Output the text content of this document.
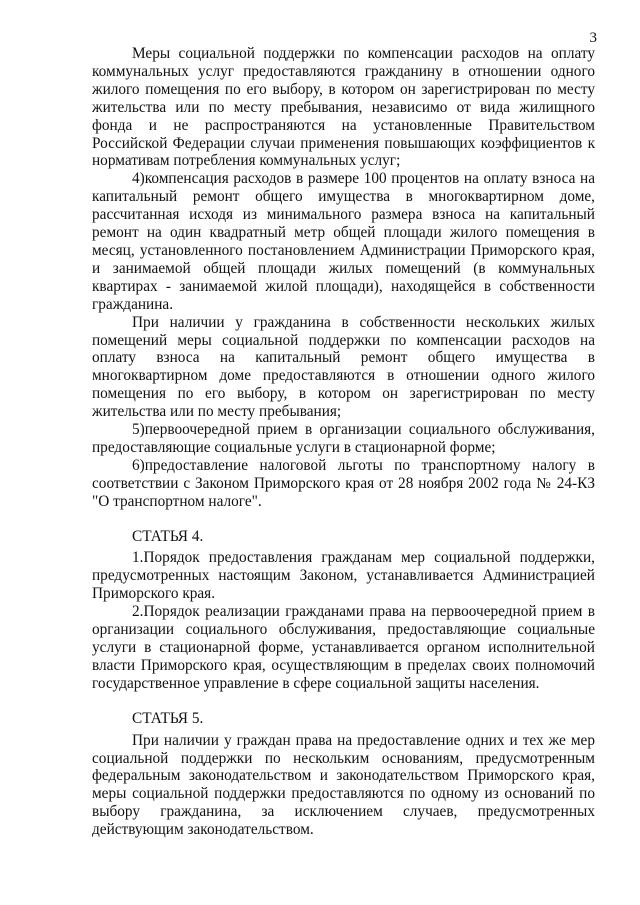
3

Меры социальной поддержки по компенсации расходов на оплату коммунальных услуг предоставляются гражданину в отношении одного жилого помещения по его выбору, в котором он зарегистрирован по месту жительства или по месту пребывания, независимо от вида жилищного фонда и не распространяются на установленные Правительством Российской Федерации случаи применения повышающих коэффициентов к нормативам потребления коммунальных услуг;

4)компенсация расходов в размере 100 процентов на оплату взноса на капитальный ремонт общего имущества в многоквартирном доме, рассчитанная исходя из минимального размера взноса на капитальный ремонт на один квадратный метр общей площади жилого помещения в месяц, установленного постановлением Администрации Приморского края, и занимаемой общей площади жилых помещений (в коммунальных квартирах - занимаемой жилой площади), находящейся в собственности гражданина.

При наличии у гражданина в собственности нескольких жилых помещений меры социальной поддержки по компенсации расходов на оплату взноса на капитальный ремонт общего имущества в многоквартирном доме предоставляются в отношении одного жилого помещения по его выбору, в котором он зарегистрирован по месту жительства или по месту пребывания;

5)первоочередной прием в организации социального обслуживания, предоставляющие социальные услуги в стационарной форме;

6)предоставление налоговой льготы по транспортному налогу в соответствии с Законом Приморского края от 28 ноября 2002 года № 24-КЗ "О транспортном налоге".

СТАТЬЯ 4.

1.Порядок предоставления гражданам мер социальной поддержки, предусмотренных настоящим Законом, устанавливается Администрацией Приморского края.

2.Порядок реализации гражданами права на первоочередной прием в организации социального обслуживания, предоставляющие социальные услуги в стационарной форме, устанавливается органом исполнительной власти Приморского края, осуществляющим в пределах своих полномочий государственное управление в сфере социальной защиты населения.

СТАТЬЯ 5.

При наличии у граждан права на предоставление одних и тех же мер социальной поддержки по нескольким основаниям, предусмотренным федеральным законодательством и законодательством Приморского края, меры социальной поддержки предоставляются по одному из оснований по выбору гражданина, за исключением случаев, предусмотренных действующим законодательством.
